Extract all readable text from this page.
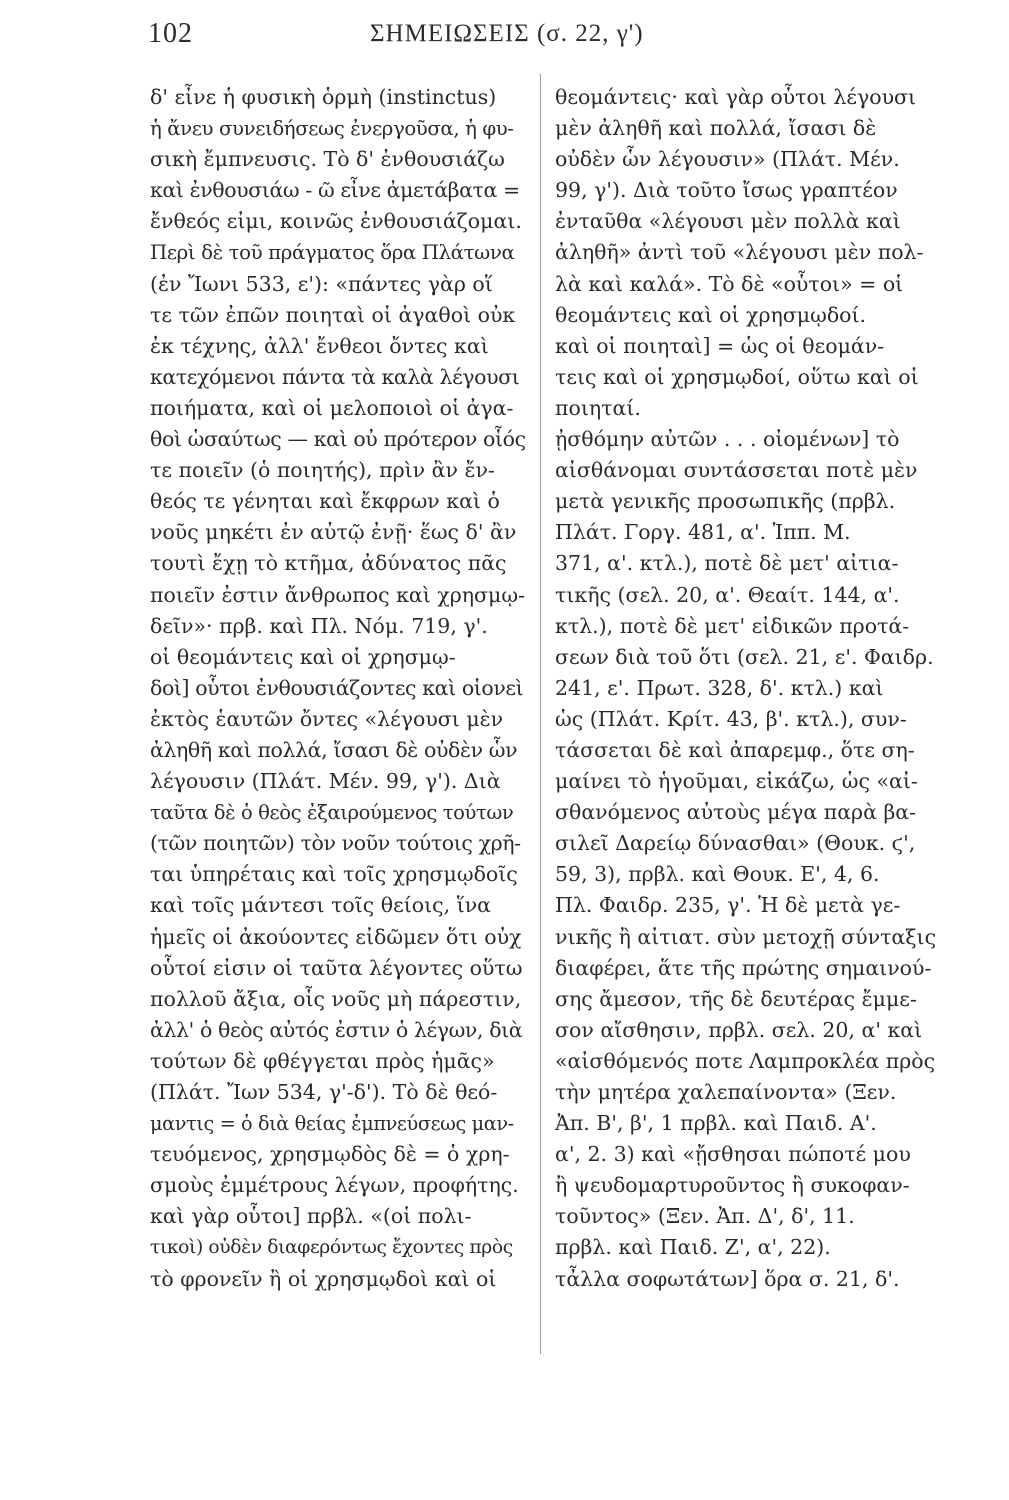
102	ΣΗΜΕΙΩΣΕΙΣ (σ. 22, γ')
δ' εἶνε ἡ φυσικὴ ὁρμὴ (instinctus)
ἡ ἄνευ συνειδήσεως ἐνεργοῦσα, ἡ φυ-
σικὴ ἔμπνευσις. Τὸ δ' ἐνθουσιάζω
καὶ ἐνθουσιάω - ῶ εἶνε ἀμετάβατα =
ἔνθεός εἰμι, κοινῶς ἐνθουσιάζομαι.
Περὶ δὲ τοῦ πράγματος ὅρα Πλάτωνα
(ἐν Ἴωνι 533, ε'): «πάντες γὰρ οἵ
τε τῶν ἐπῶν ποιηταὶ οἱ ἀγαθοὶ οὐκ
ἐκ τέχνης, ἀλλ' ἔνθεοι ὄντες καὶ
κατεχόμενοι πάντα τὰ καλὰ λέγουσι
ποιήματα, καὶ οἱ μελοποιοὶ οἱ ἀγα-
θοὶ ὡσαύτως — καὶ οὐ πρότερον οἷός
τε ποιεῖν (ὁ ποιητής), πρὶν ἂν ἔν-
θεός τε γένηται καὶ ἔκφρων καὶ ὁ
νοῦς μηκέτι ἐν αὐτῷ ἐνῇ· ἕως δ' ἂν
τουτὶ ἔχῃ τὸ κτῆμα, ἀδύνατος πᾶς
ποιεῖν ἐστιν ἄνθρωπος καὶ χρησμῳ-
δεῖν»· πρβ. καὶ Πλ. Νόμ. 719, γ'.
οἱ θεομάντεις καὶ οἱ χρησμῳ-
δοὶ] οὗτοι ἐνθουσιάζοντες καὶ οἱονεὶ
ἐκτὸς ἑαυτῶν ὄντες «λέγουσι μὲν
ἀληθῆ καὶ πολλά, ἴσασι δὲ οὐδὲν ὧν
λέγουσιν (Πλάτ. Μέν. 99, γ'). Διὰ
ταῦτα δὲ ὁ θεὸς ἐξαιρούμενος τούτων
(τῶν ποιητῶν) τὸν νοῦν τούτοις χρῆ-
ται ὑπηρέταις καὶ τοῖς χρησμῳδοῖς
καὶ τοῖς μάντεσι τοῖς θείοις, ἵνα
ἡμεῖς οἱ ἀκούοντες εἰδῶμεν ὅτι οὐχ
οὗτοί εἰσιν οἱ ταῦτα λέγοντες οὕτω
πολλοῦ ἄξια, οἷς νοῦς μὴ πάρεστιν,
ἀλλ' ὁ θεὸς αὐτός ἐστιν ὁ λέγων, διὰ
τούτων δὲ φθέγγεται πρὸς ἡμᾶς»
(Πλάτ. Ἴων 534, γ'-δ'). Τὸ δὲ θεό-
μαντις = ὁ διὰ θείας ἐμπνεύσεως μαν-
τευόμενος, χρησμῳδὸς δὲ = ὁ χρη-
σμοὺς ἐμμέτρους λέγων, προφήτης.
καὶ γὰρ οὗτοι] πρβλ. «(οἱ πολι-
τικοὶ) οὐδὲν διαφερόντως ἔχοντες πρὸς
τὸ φρονεῖν ἢ οἱ χρησμῳδοὶ καὶ οἱ
θεομάντεις· καὶ γὰρ οὗτοι λέγουσι
μὲν ἀληθῆ καὶ πολλά, ἴσασι δὲ
οὐδὲν ὧν λέγουσιν» (Πλάτ. Μέν.
99, γ'). Διὰ τοῦτο ἴσως γραπτέον
ἐνταῦθα «λέγουσι μὲν πολλὰ καὶ
ἀληθῆ» ἀντὶ τοῦ «λέγουσι μὲν πολ-
λὰ καὶ καλά». Τὸ δὲ «οὗτοι» = οἱ
θεομάντεις καὶ οἱ χρησμῳδοί.
καὶ οἱ ποιηταὶ] = ὡς οἱ θεομάν-
τεις καὶ οἱ χρησμῳδοί, οὕτω καὶ οἱ
ποιηταί.
ᾐσθόμην αὐτῶν . . . οἰομένων] τὸ
αἰσθάνομαι συντάσσεται ποτὲ μὲν
μετὰ γενικῆς προσωπικῆς (πρβλ.
Πλάτ. Γοργ. 481, α'. Ἱππ. Μ.
371, α'. κτλ.), ποτὲ δὲ μετ' αἰτια-
τικῆς (σελ. 20, α'. Θεαίτ. 144, α'.
κτλ.), ποτὲ δὲ μετ' εἰδικῶν προτά-
σεων διὰ τοῦ ὅτι (σελ. 21, ε'. Φαιδρ.
241, ε'. Πρωτ. 328, δ'. κτλ.) καὶ
ὡς (Πλάτ. Κρίτ. 43, β'. κτλ.), συν-
τάσσεται δὲ καὶ ἀπαρεμφ., ὅτε ση-
μαίνει τὸ ἡγοῦμαι, εἰκάζω, ὡς «αἰ-
σθανόμενος αὐτοὺς μέγα παρὰ βα-
σιλεῖ Δαρείῳ δύνασθαι» (Θουκ. ϛ',
59, 3), πρβλ. καὶ Θουκ. Ε', 4, 6.
Πλ. Φαιδρ. 235, γ'. Ἡ δὲ μετὰ γε-
νικῆς ἢ αἰτιατ. σὺν μετοχῇ σύνταξις
διαφέρει, ἅτε τῆς πρώτης σημαινού-
σης ἄμεσον, τῆς δὲ δευτέρας ἔμμε-
σον αἴσθησιν, πρβλ. σελ. 20, α' καὶ
«αἰσθόμενός ποτε Λαμπροκλέα πρὸς
τὴν μητέρα χαλεπαίνοντα» (Ξεν.
Ἀπ. Β', β', 1 πρβλ. καὶ Παιδ. Α'.
α', 2. 3) καὶ «ᾔσθησαι πώποτέ μου
ἢ ψευδομαρτυροῦντος ἢ συκοφαν-
τοῦντος» (Ξεν. Ἀπ. Δ', δ', 11.
πρβλ. καὶ Παιδ. Ζ', α', 22).
τἆλλα σοφωτάτων] ὅρα σ. 21, δ'.
